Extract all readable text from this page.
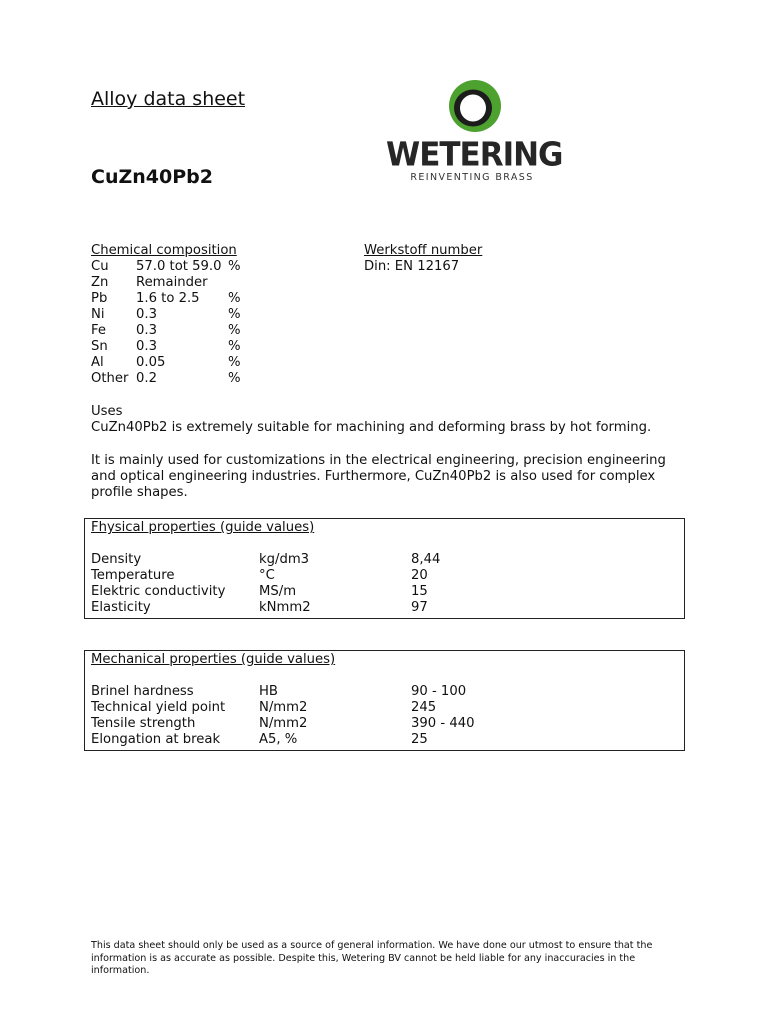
Alloy data sheet
CuZn40Pb2
WETERING
REINVENTING BRASS
Chemical composition
Cu 57.0 tot 59.0 %
Zn Remainder
Pb 1.6 to 2.5 %
Ni 0.3	%
Fe 0.3	%
Sn 0.3	%
Al 0.05	%
Other 0.2	%
Werkstoff number
Din: EN 12167
Uses
CuZn40Pb2 is extremely suitable for machining and deforming brass by hot forming.
It is mainly used for customizations in the electrical engineering, precision engineering and optical engineering industries. Furthermore, CuZn40Pb2 is also used for complex profile shapes.
Fhysical properties (guide values)
Density	kg/dm3	8,44
Temperature	°C	20
Elektric conductivity	MS/m	15
Elasticity	kNmm2	97
Mechanical properties (guide values)
Brinel hardness	HB	90 - 100
Technical yield point	N/mm2	245
Tensile strength	N/mm2	390 - 440
Elongation at break	A5, %	25
This data sheet should only be used as a source of general information. We have done our utmost to ensure that the information is as accurate as possible. Despite this, Wetering BV cannot be held liable for any inaccuracies in the information.
